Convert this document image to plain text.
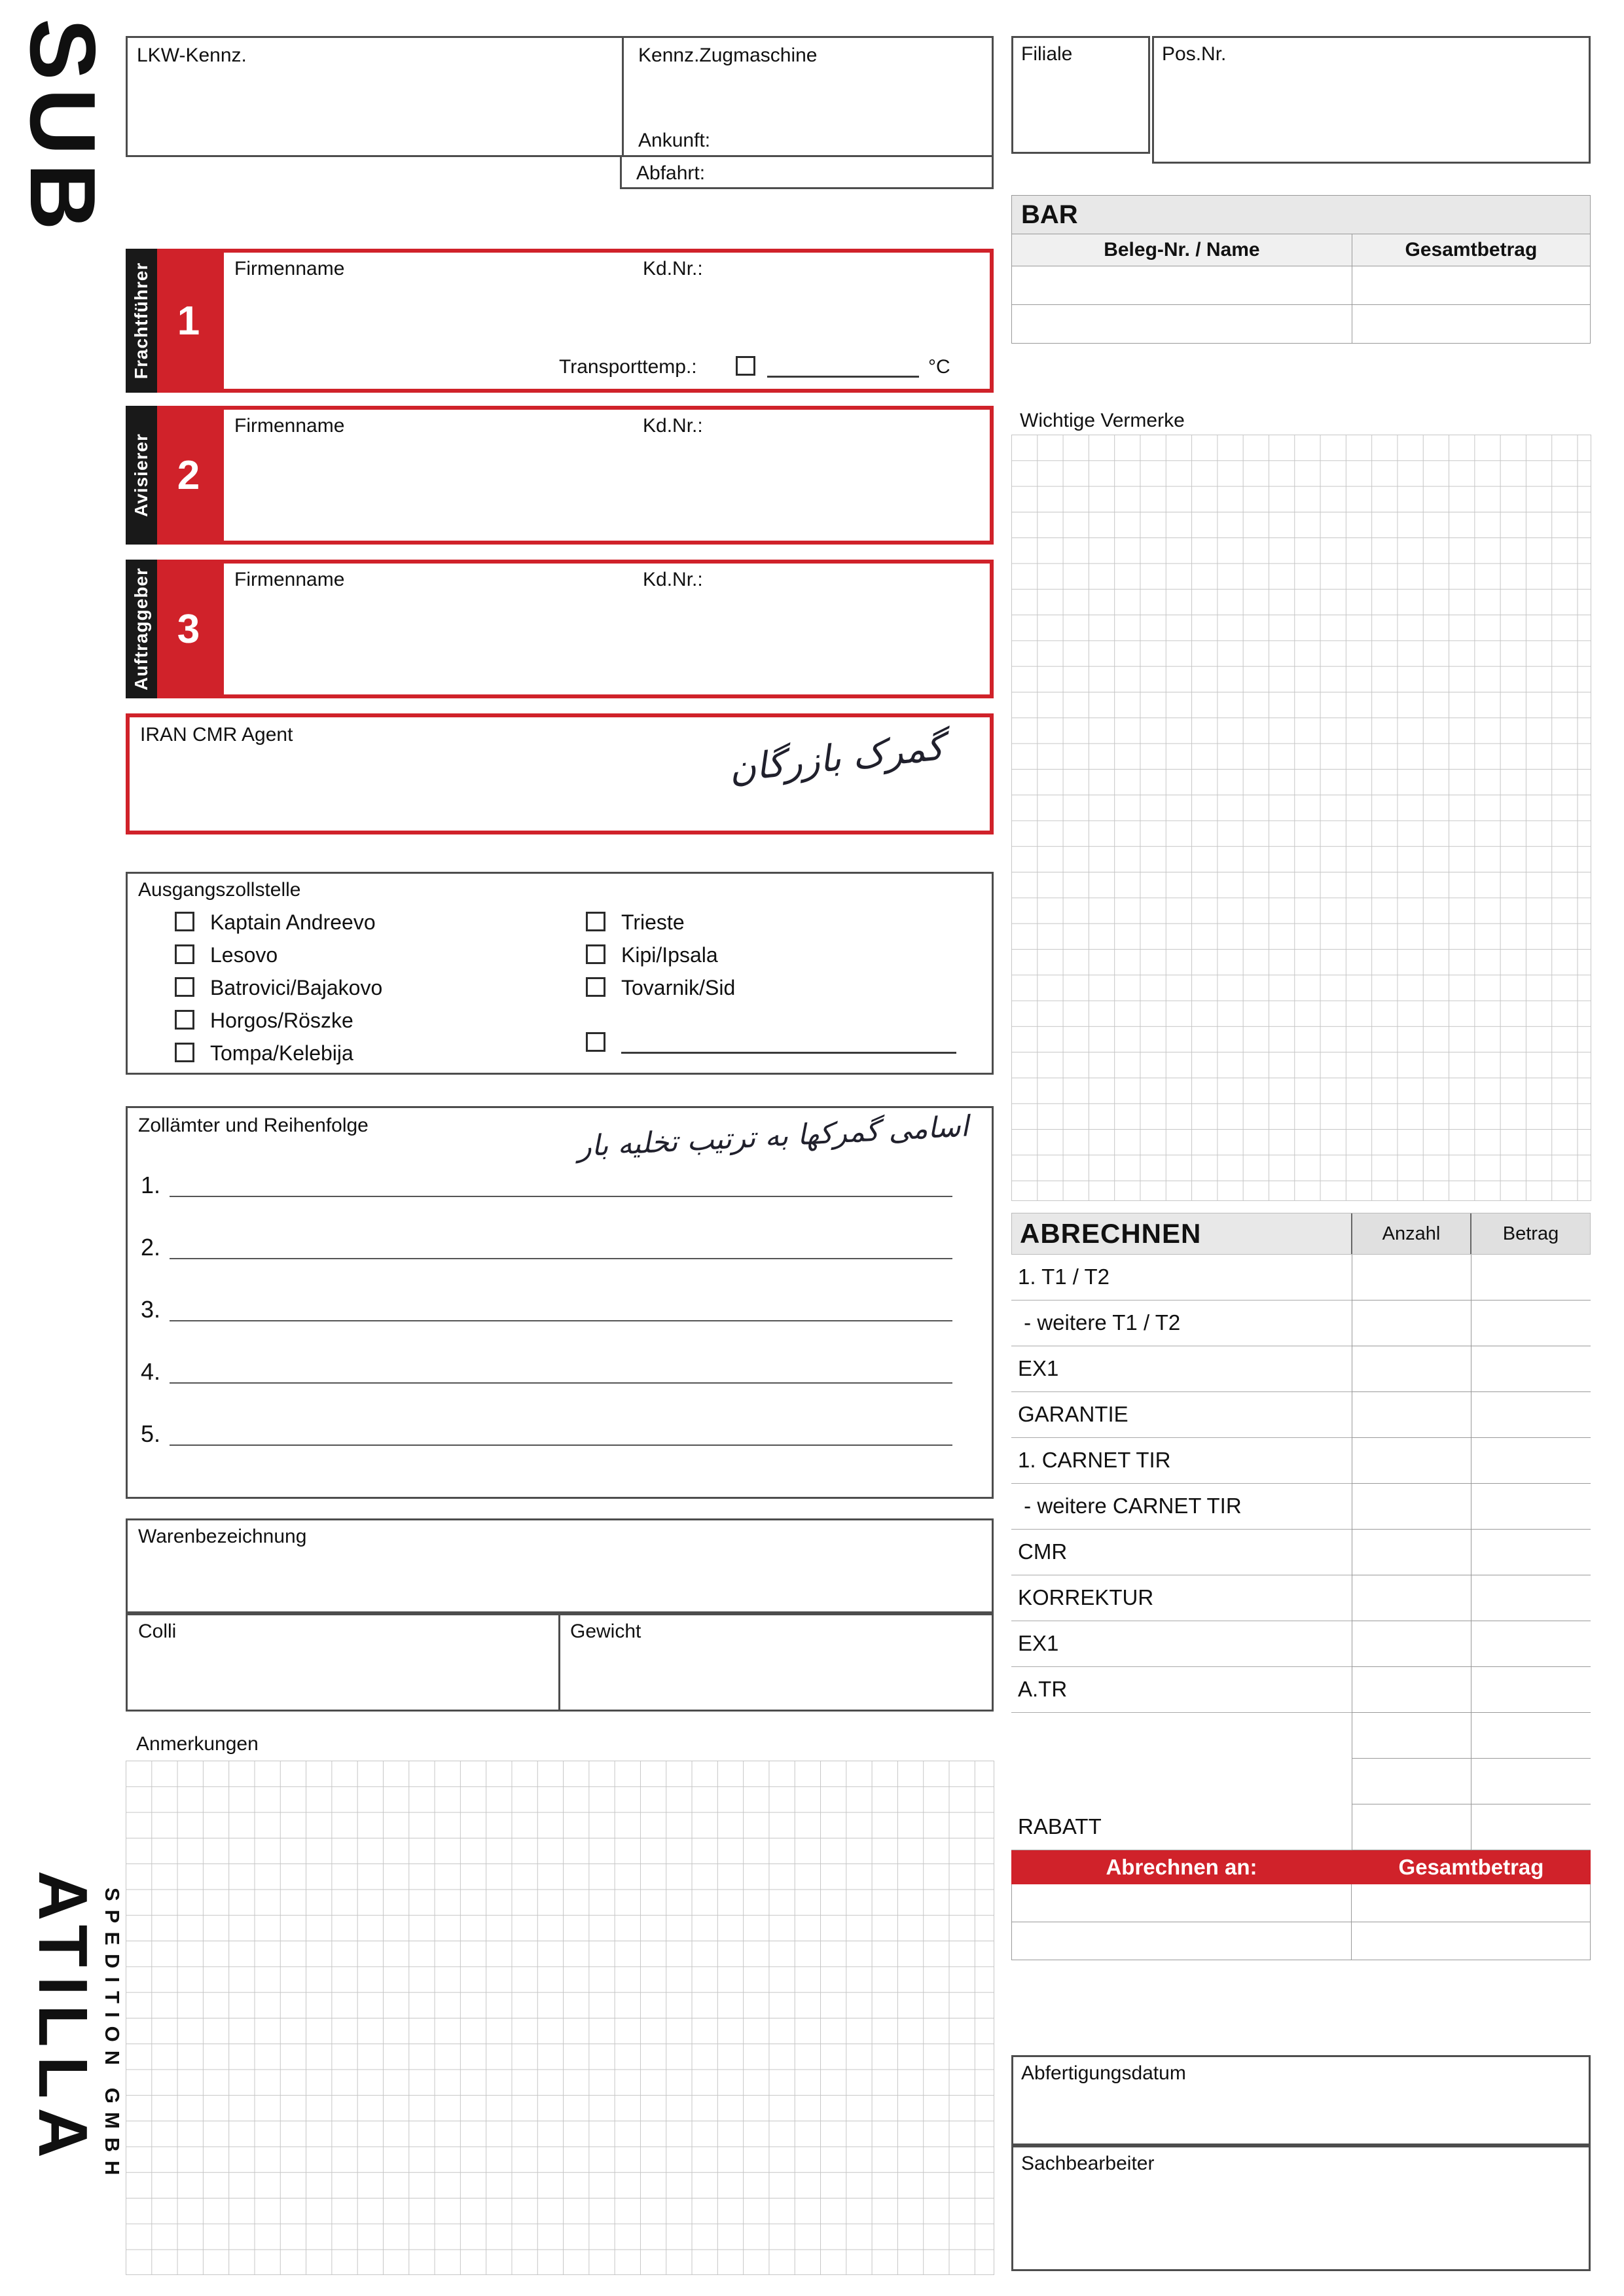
SUB
ATILLA SPEDITION GMBH
LKW-Kennz.	Kennz.Zugmaschine
Ankunft:
Abfahrt:
Filiale	Pos.Nr.
BAR
Beleg-Nr. / Name	Gesamtbetrag
Wichtige Vermerke
Frachtführer 1
Firmenname	Kd.Nr.:
Transporttemp.:	°C
Avisierer 2
Firmenname	Kd.Nr.:
Auftraggeber 3
Firmenname	Kd.Nr.:
IRAN CMR Agent	گمرک بازرگان
Ausgangszollstelle
Kaptain Andreevo
Lesovo
Batrovici/Bajakovo
Horgos/Röszke
Tompa/Kelebija
Trieste
Kipi/Ipsala
Tovarnik/Sid
Zollämter und Reihenfolge	اسامی گمرکها به ترتیب تخلیه بار
1.
2.
3.
4.
5.
Warenbezeichnung
Colli	Gewicht
Anmerkungen
ABRECHNEN	Anzahl	Betrag
1. T1 / T2
- weitere T1 / T2
EX1
GARANTIE
1. CARNET TIR
- weitere CARNET TIR
CMR
KORREKTUR
EX1
A.TR
RABATT
Abrechnen an:	Gesamtbetrag
Abfertigungsdatum
Sachbearbeiter
